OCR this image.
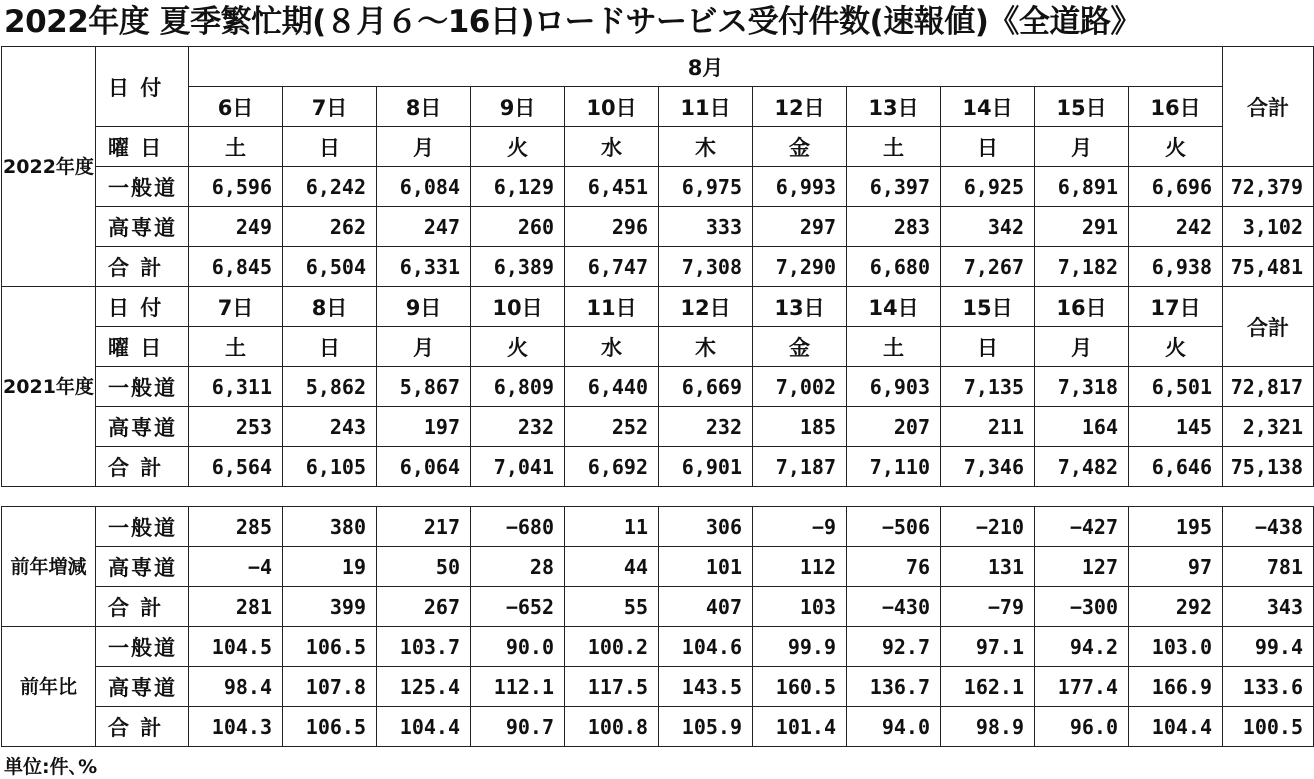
2022年度 夏季繁忙期(８月６～16日)ロードサービス受付件数(速報値)《全道路》
2022年度	日 付	8月											合計
		6日	7日	8日	9日	10日	11日	12日	13日	14日	15日	16日	
	曜 日	土	日	月	火	水	木	金	土	日	月	火	
	一般道	6,596	6,242	6,084	6,129	6,451	6,975	6,993	6,397	6,925	6,891	6,696	72,379
	高専道	249	262	247	260	296	333	297	283	342	291	242	3,102
	合 計	6,845	6,504	6,331	6,389	6,747	7,308	7,290	6,680	7,267	7,182	6,938	75,481
2021年度	日 付	7日	8日	9日	10日	11日	12日	13日	14日	15日	16日	17日	合計
	曜 日	土	日	月	火	水	木	金	土	日	月	火	
	一般道	6,311	5,862	5,867	6,809	6,440	6,669	7,002	6,903	7,135	7,318	6,501	72,817
	高専道	253	243	197	232	252	232	185	207	211	164	145	2,321
	合 計	6,564	6,105	6,064	7,041	6,692	6,901	7,187	7,110	7,346	7,482	6,646	75,138
前年増減	一般道	285	380	217	−680	11	306	−9	−506	−210	−427	195	−438
	高専道	−4	19	50	28	44	101	112	76	131	127	97	781
	合 計	281	399	267	−652	55	407	103	−430	−79	−300	292	343
前年比	一般道	104.5	106.5	103.7	90.0	100.2	104.6	99.9	92.7	97.1	94.2	103.0	99.4
	高専道	98.4	107.8	125.4	112.1	117.5	143.5	160.5	136.7	162.1	177.4	166.9	133.6
	合 計	104.3	106.5	104.4	90.7	100.8	105.9	101.4	94.0	98.9	96.0	104.4	100.5
単位:件､%
